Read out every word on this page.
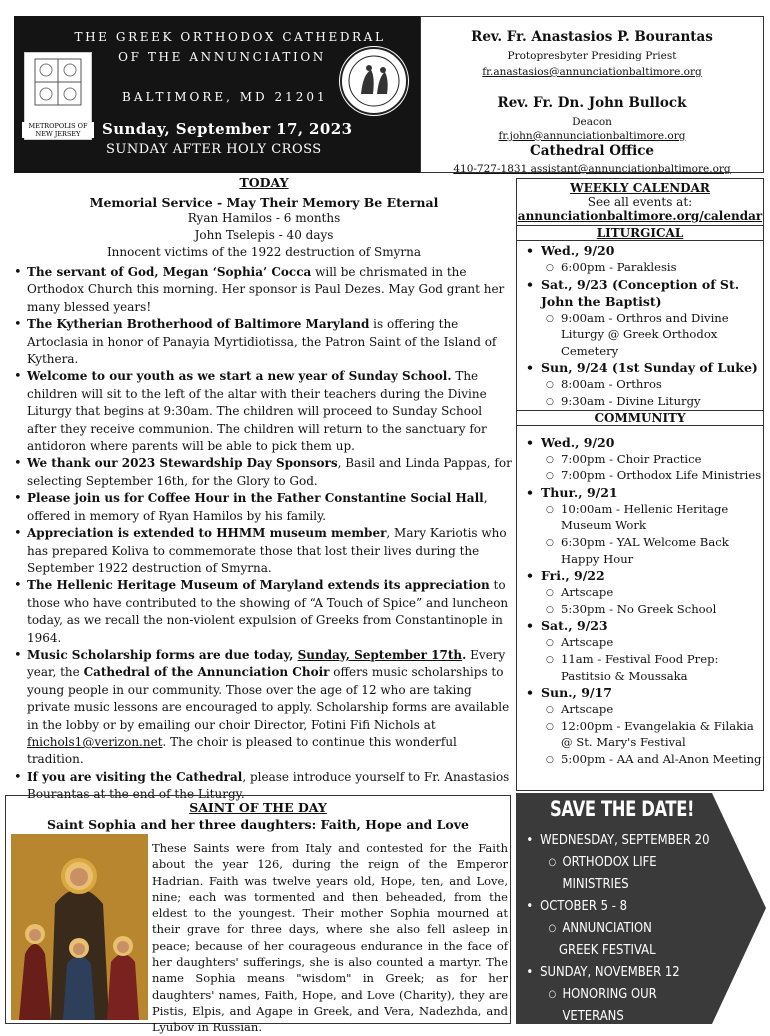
THE GREEK ORTHODOX CATHEDRAL
OF THE ANNUNCIATION
METROPOLIS OF NEW JERSEY
BALTIMORE, MD 21201
Sunday, September 17, 2023
SUNDAY AFTER HOLY CROSS
Rev. Fr. Anastasios P. Bourantas
Protopresbyter Presiding Priest
fr.anastasios@annunciationbaltimore.org
Rev. Fr. Dn. John Bullock
Deacon
fr.john@annunciationbaltimore.org
Cathedral Office
410-727-1831 assistant@annunciationbaltimore.org
TODAY
Memorial Service - May Their Memory Be Eternal
Ryan Hamilos - 6 months
John Tselepis - 40 days
Innocent victims of the 1922 destruction of Smyrna
• The servant of God, Megan ‘Sophia’ Cocca will be chrismated in the Orthodox Church this morning. Her sponsor is Paul Dezes. May God grant her many blessed years!
• The Kytherian Brotherhood of Baltimore Maryland is offering the Artoclasia in honor of Panayia Myrtidiotissa, the Patron Saint of the Island of Kythera.
• Welcome to our youth as we start a new year of Sunday School. The children will sit to the left of the altar with their teachers during the Divine Liturgy that begins at 9:30am. The children will proceed to Sunday School after they receive communion. The children will return to the sanctuary for antidoron where parents will be able to pick them up.
• We thank our 2023 Stewardship Day Sponsors, Basil and Linda Pappas, for selecting September 16th, for the Glory to God.
• Please join us for Coffee Hour in the Father Constantine Social Hall, offered in memory of Ryan Hamilos by his family.
• Appreciation is extended to HHMM museum member, Mary Kariotis who has prepared Koliva to commemorate those that lost their lives during the September 1922 destruction of Smyrna.
• The Hellenic Heritage Museum of Maryland extends its appreciation to those who have contributed to the showing of “A Touch of Spice” and luncheon today, as we recall the non-violent expulsion of Greeks from Constantinople in 1964.
• Music Scholarship forms are due today, Sunday, September 17th. Every year, the Cathedral of the Annunciation Choir offers music scholarships to young people in our community. Those over the age of 12 who are taking private music lessons are encouraged to apply. Scholarship forms are available in the lobby or by emailing our choir Director, Fotini Fifi Nichols at fnichols1@verizon.net. The choir is pleased to continue this wonderful tradition.
• If you are visiting the Cathedral, please introduce yourself to Fr. Anastasios Bourantas at the end of the Liturgy.
WEEKLY CALENDAR
See all events at:
annunciationbaltimore.org/calendar
LITURGICAL
• Wed., 9/20
○ 6:00pm - Paraklesis
• Sat., 9/23 (Conception of St. John the Baptist)
○ 9:00am - Orthros and Divine Liturgy @ Greek Orthodox Cemetery
• Sun, 9/24 (1st Sunday of Luke)
○ 8:00am - Orthros
○ 9:30am - Divine Liturgy
COMMUNITY
• Wed., 9/20
○ 7:00pm - Choir Practice
○ 7:00pm - Orthodox Life Ministries
• Thur., 9/21
○ 10:00am - Hellenic Heritage Museum Work
○ 6:30pm - YAL Welcome Back Happy Hour
• Fri., 9/22
○ Artscape
○ 5:30pm - No Greek School
• Sat., 9/23
○ Artscape
○ 11am - Festival Food Prep: Pastitsio & Moussaka
• Sun., 9/17
○ Artscape
○ 12:00pm - Evangelakia & Filakia @ St. Mary's Festival
○ 5:00pm - AA and Al-Anon Meeting
SAINT OF THE DAY
Saint Sophia and her three daughters: Faith, Hope and Love
These Saints were from Italy and contested for the Faith about the year 126, during the reign of the Emperor Hadrian. Faith was twelve years old, Hope, ten, and Love, nine; each was tormented and then beheaded, from the eldest to the youngest. Their mother Sophia mourned at their grave for three days, where she also fell asleep in peace; because of her courageous endurance in the face of her daughters' sufferings, she is also counted a martyr. The name Sophia means "wisdom" in Greek; as for her daughters' names, Faith, Hope, and Love (Charity), they are Pistis, Elpis, and Agape in Greek, and Vera, Nadezhda, and Lyubov in Russian.
SAVE THE DATE!
• WEDNESDAY, SEPTEMBER 20
○ ORTHODOX LIFE
MINISTRIES
• OCTOBER 5 - 8
○ ANNUNCIATION
GREEK FESTIVAL
• SUNDAY, NOVEMBER 12
○ HONORING OUR
VETERANS
